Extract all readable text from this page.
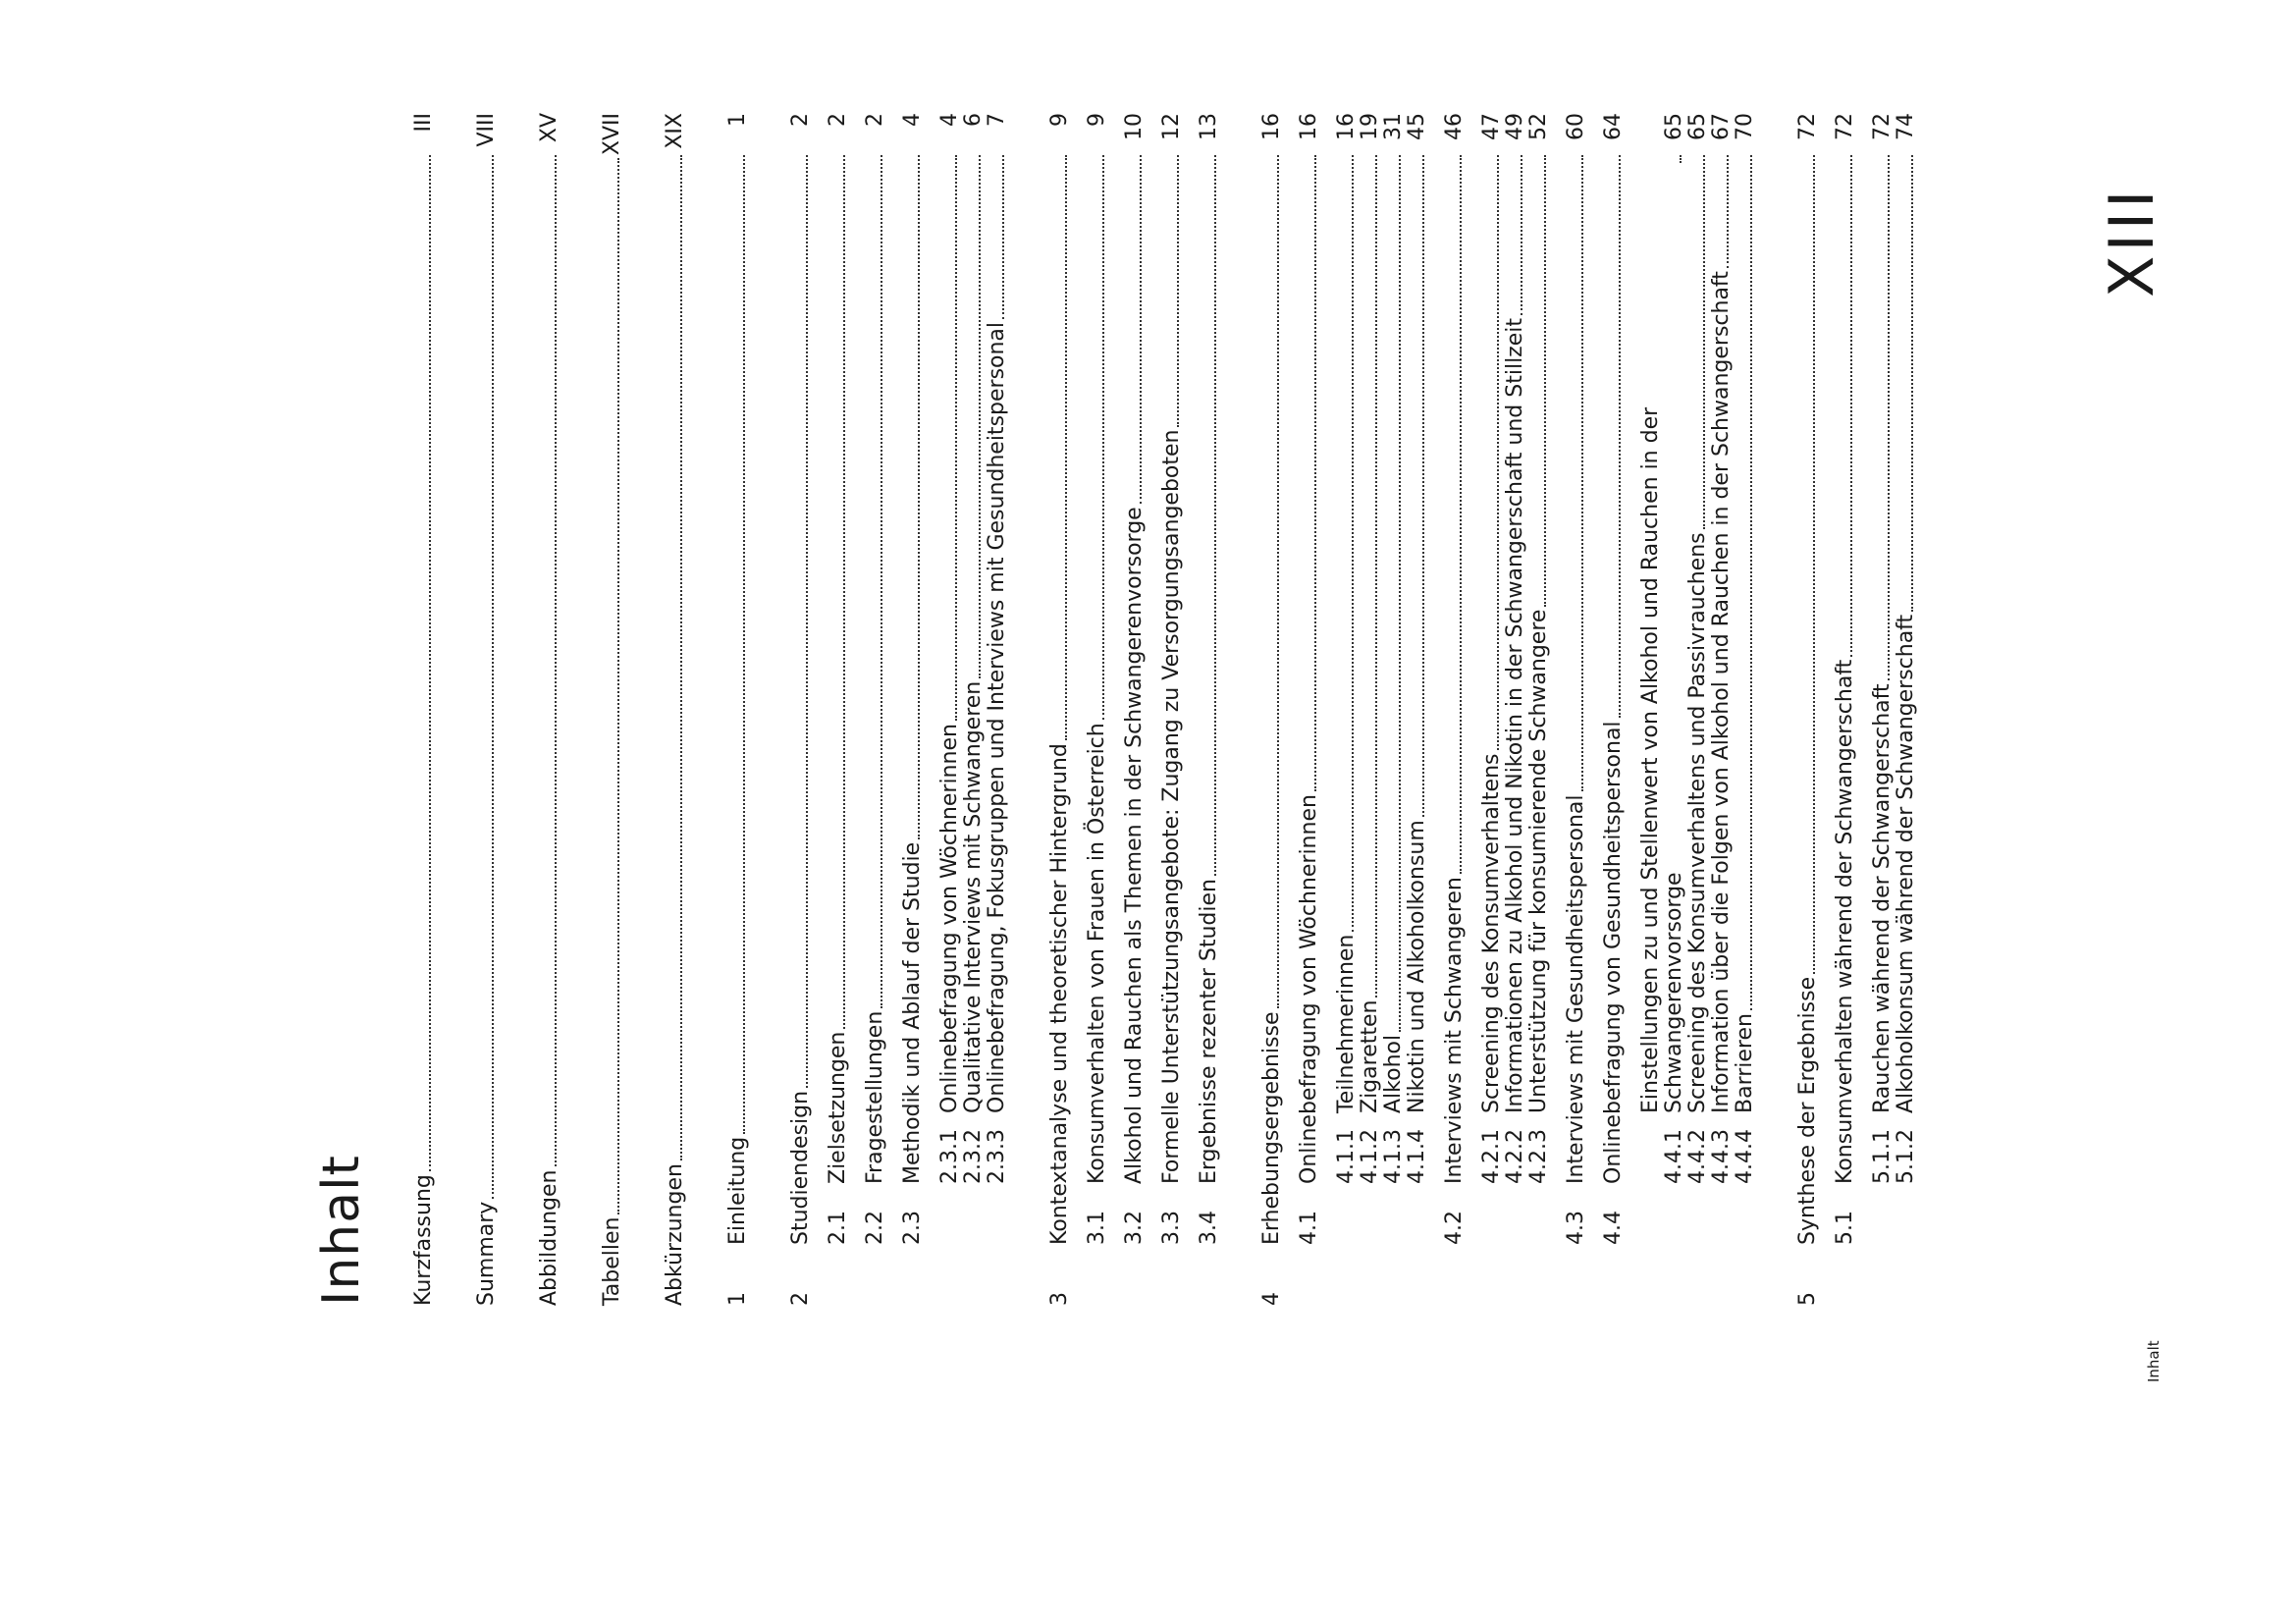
Inhalt Kurzfassung
III
Summary
VIII
Abbildungen
XV
Tabellen
XVII
Abkürzungen
XIX
1
Einleitung
1
2
Studiendesign
2
2.1
Zielsetzungen
2
2.2
Fragestellungen
2
2.3
Methodik und Ablauf der Studie
4
2.3.1
Onlinebefragung von Wöchnerinnen
4
2.3.2
Qualitative Interviews mit Schwangeren
6
2.3.3
Onlinebefragung, Fokusgruppen und Interviews mit Gesundheitspersonal
7
3
Kontextanalyse und theoretischer Hintergrund
9
3.1
Konsumverhalten von Frauen in Österreich
9
3.2
Alkohol und Rauchen als Themen in der Schwangerenvorsorge
10
3.3
Formelle Unterstützungsangebote: Zugang zu Versorgungsangeboten
12
3.4
Ergebnisse rezenter Studien
13
4
Erhebungsergebnisse
16
4.1
Onlinebefragung von Wöchnerinnen
16
4.1.1
Teilnehmerinnen
16
4.1.2
Zigaretten
19
4.1.3
Alkohol
31
4.1.4
Nikotin und Alkoholkonsum
45
4.2
Interviews mit Schwangeren
46
4.2.1
Screening des Konsumverhaltens
47
4.2.2
Informationen zu Alkohol und Nikotin in der Schwangerschaft und Stillzeit
49
4.2.3
Unterstützung für konsumierende Schwangere
52
4.3
Interviews mit Gesundheitspersonal
60
4.4
Onlinebefragung von Gesundheitspersonal
64
4.4.1
Einstellungen zu und Stellenwert von Alkohol und Rauchen in der Schwangerenvorsorge
65
4.4.2
Screening des Konsumverhaltens und Passivrauchens
65
4.4.3
Information über die Folgen von Alkohol und Rauchen in der Schwangerschaft
67
4.4.4
Barrieren
70
5
Synthese der Ergebnisse
72
5.1
Konsumverhalten während der Schwangerschaft
72
5.1.1
Rauchen während der Schwangerschaft
72
5.1.2
Alkoholkonsum während der Schwangerschaft
74
Inhalt
XIII
